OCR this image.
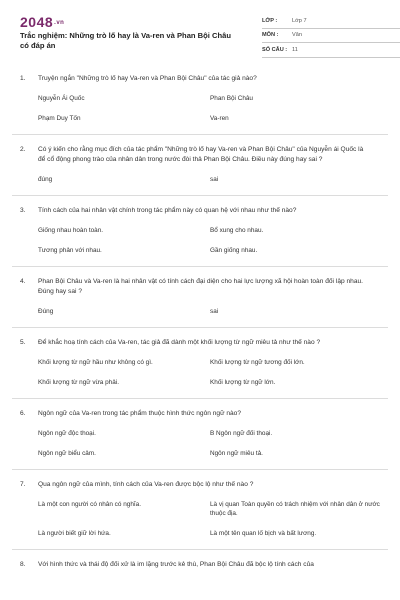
2048.vn
Trắc nghiệm: Những trò lố hay là Va-ren và Phan Bội Châu có đáp án
LỚP :	Lớp 7
MÔN :	Văn
SỐ CÂU : 11
1.	Truyện ngắn "Những trò lố hay Va-ren và Phan Bội Châu" của tác giả nào?
Nguyễn Ái Quốc	Phan Bội Châu
Phạm Duy Tốn	Va-ren
2.	Có ý kiến cho rằng mục đích của tác phẩm "Những trò lố hay Va-ren và Phan Bội Châu" của Nguyễn ái Quốc là để cổ động phong trào của nhân dân trong nước đòi thả Phan Bội Châu. Điều này đúng hay sai ?
đúng	sai
3.	Tính cách của hai nhân vật chính trong tác phẩm này có quan hệ với nhau như thế nào?
Giống nhau hoàn toàn.	Bổ xung cho nhau.
Tương phản với nhau.	Gần giống nhau.
4.	Phan Bội Châu và Va-ren là hai nhân vật có tính cách đại diện cho hai lực lượng xã hội hoàn toàn đối lập nhau. Đúng hay sai ?
Đúng	sai
5.	Để khắc hoạ tính cách của Va-ren, tác giả đã dành một khối lượng từ ngữ miêu tả như thế nào ?
Khối lượng từ ngữ hầu như không có gì.	Khối lượng từ ngữ tương đối lớn.
Khối lượng từ ngữ vừa phải.	Khối lượng từ ngữ lớn.
6.	Ngôn ngữ của Va-ren trong tác phẩm thuộc hình thức ngôn ngữ nào?
Ngôn ngữ độc thoại.	B Ngôn ngữ đối thoại.
Ngôn ngữ biểu cảm.	Ngôn ngữ miêu tả.
7.	Qua ngôn ngữ của mình, tính cách của Va-ren được bộc lộ như thế nào ?
Là một con người có nhân có nghĩa.	Là vị quan Toàn quyền có trách nhiệm với nhân dân ở nước thuộc địa.
Là người biết giữ lời hứa.	Là một tên quan lố bịch và bất lương.
8.	Với hình thức và thái độ đối xử là im lặng trước kẻ thù, Phan Bội Châu đã bộc lộ tính cách của
